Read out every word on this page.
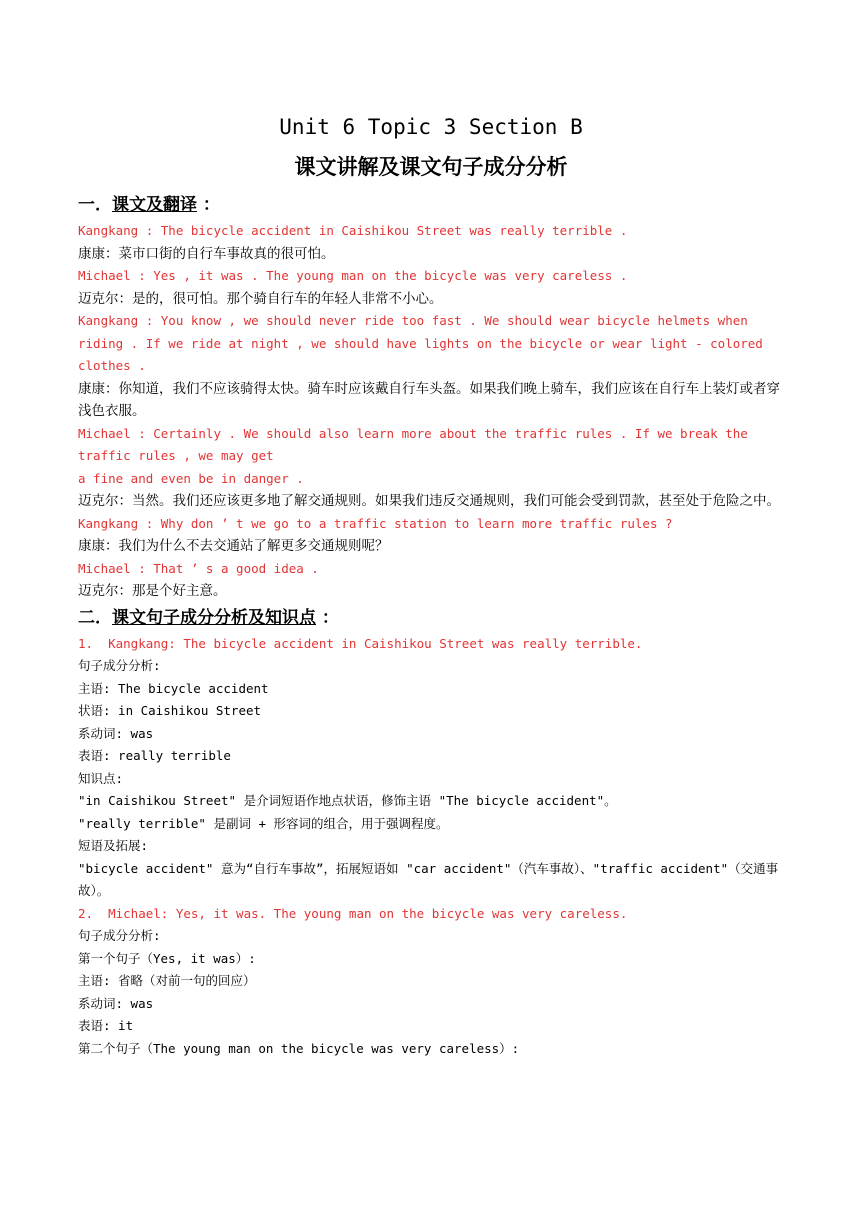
Unit 6 Topic 3 Section B
课文讲解及课文句子成分分析
一．课文及翻译 ：
Kangkang : The bicycle accident in Caishikou Street was really terrible .
康康：菜市口街的自行车事故真的很可怕。
Michael : Yes , it was . The young man on the bicycle was very careless .
迈克尔：是的，很可怕。那个骑自行车的年轻人非常不小心。
Kangkang : You know , we should never ride too fast . We should wear bicycle helmets when riding . If we ride at night , we should have lights on the bicycle or wear light - colored clothes .
康康：你知道，我们不应该骑得太快。骑车时应该戴自行车头盔。如果我们晚上骑车，我们应该在自行车上装灯或者穿浅色衣服。
Michael : Certainly . We should also learn more about the traffic rules . If we break the traffic rules , we may get
a fine and even be in danger .
迈克尔：当然。我们还应该更多地了解交通规则。如果我们违反交通规则，我们可能会受到罚款，甚至处于危险之中。
Kangkang : Why don ’ t we go to a traffic station to learn more traffic rules ?
康康：我们为什么不去交通站了解更多交通规则呢？
Michael : That ’ s a good idea .
迈克尔：那是个好主意。
二．课文句子成分分析及知识点 ：
1.  Kangkang: The bicycle accident in Caishikou Street was really terrible.
句子成分分析:
主语: The bicycle accident
状语: in Caishikou Street
系动词: was
表语: really terrible
知识点:
"in Caishikou Street" 是介词短语作地点状语，修饰主语 "The bicycle accident"。
"really terrible" 是副词 + 形容词的组合，用于强调程度。
短语及拓展:
"bicycle accident" 意为“自行车事故”，拓展短语如 "car accident"（汽车事故）、"traffic accident"（交通事故）。
2.  Michael: Yes, it was. The young man on the bicycle was very careless.
句子成分分析:
第一个句子（Yes, it was）:
主语: 省略（对前一句的回应）
系动词: was
表语: it
第二个句子（The young man on the bicycle was very careless）:
